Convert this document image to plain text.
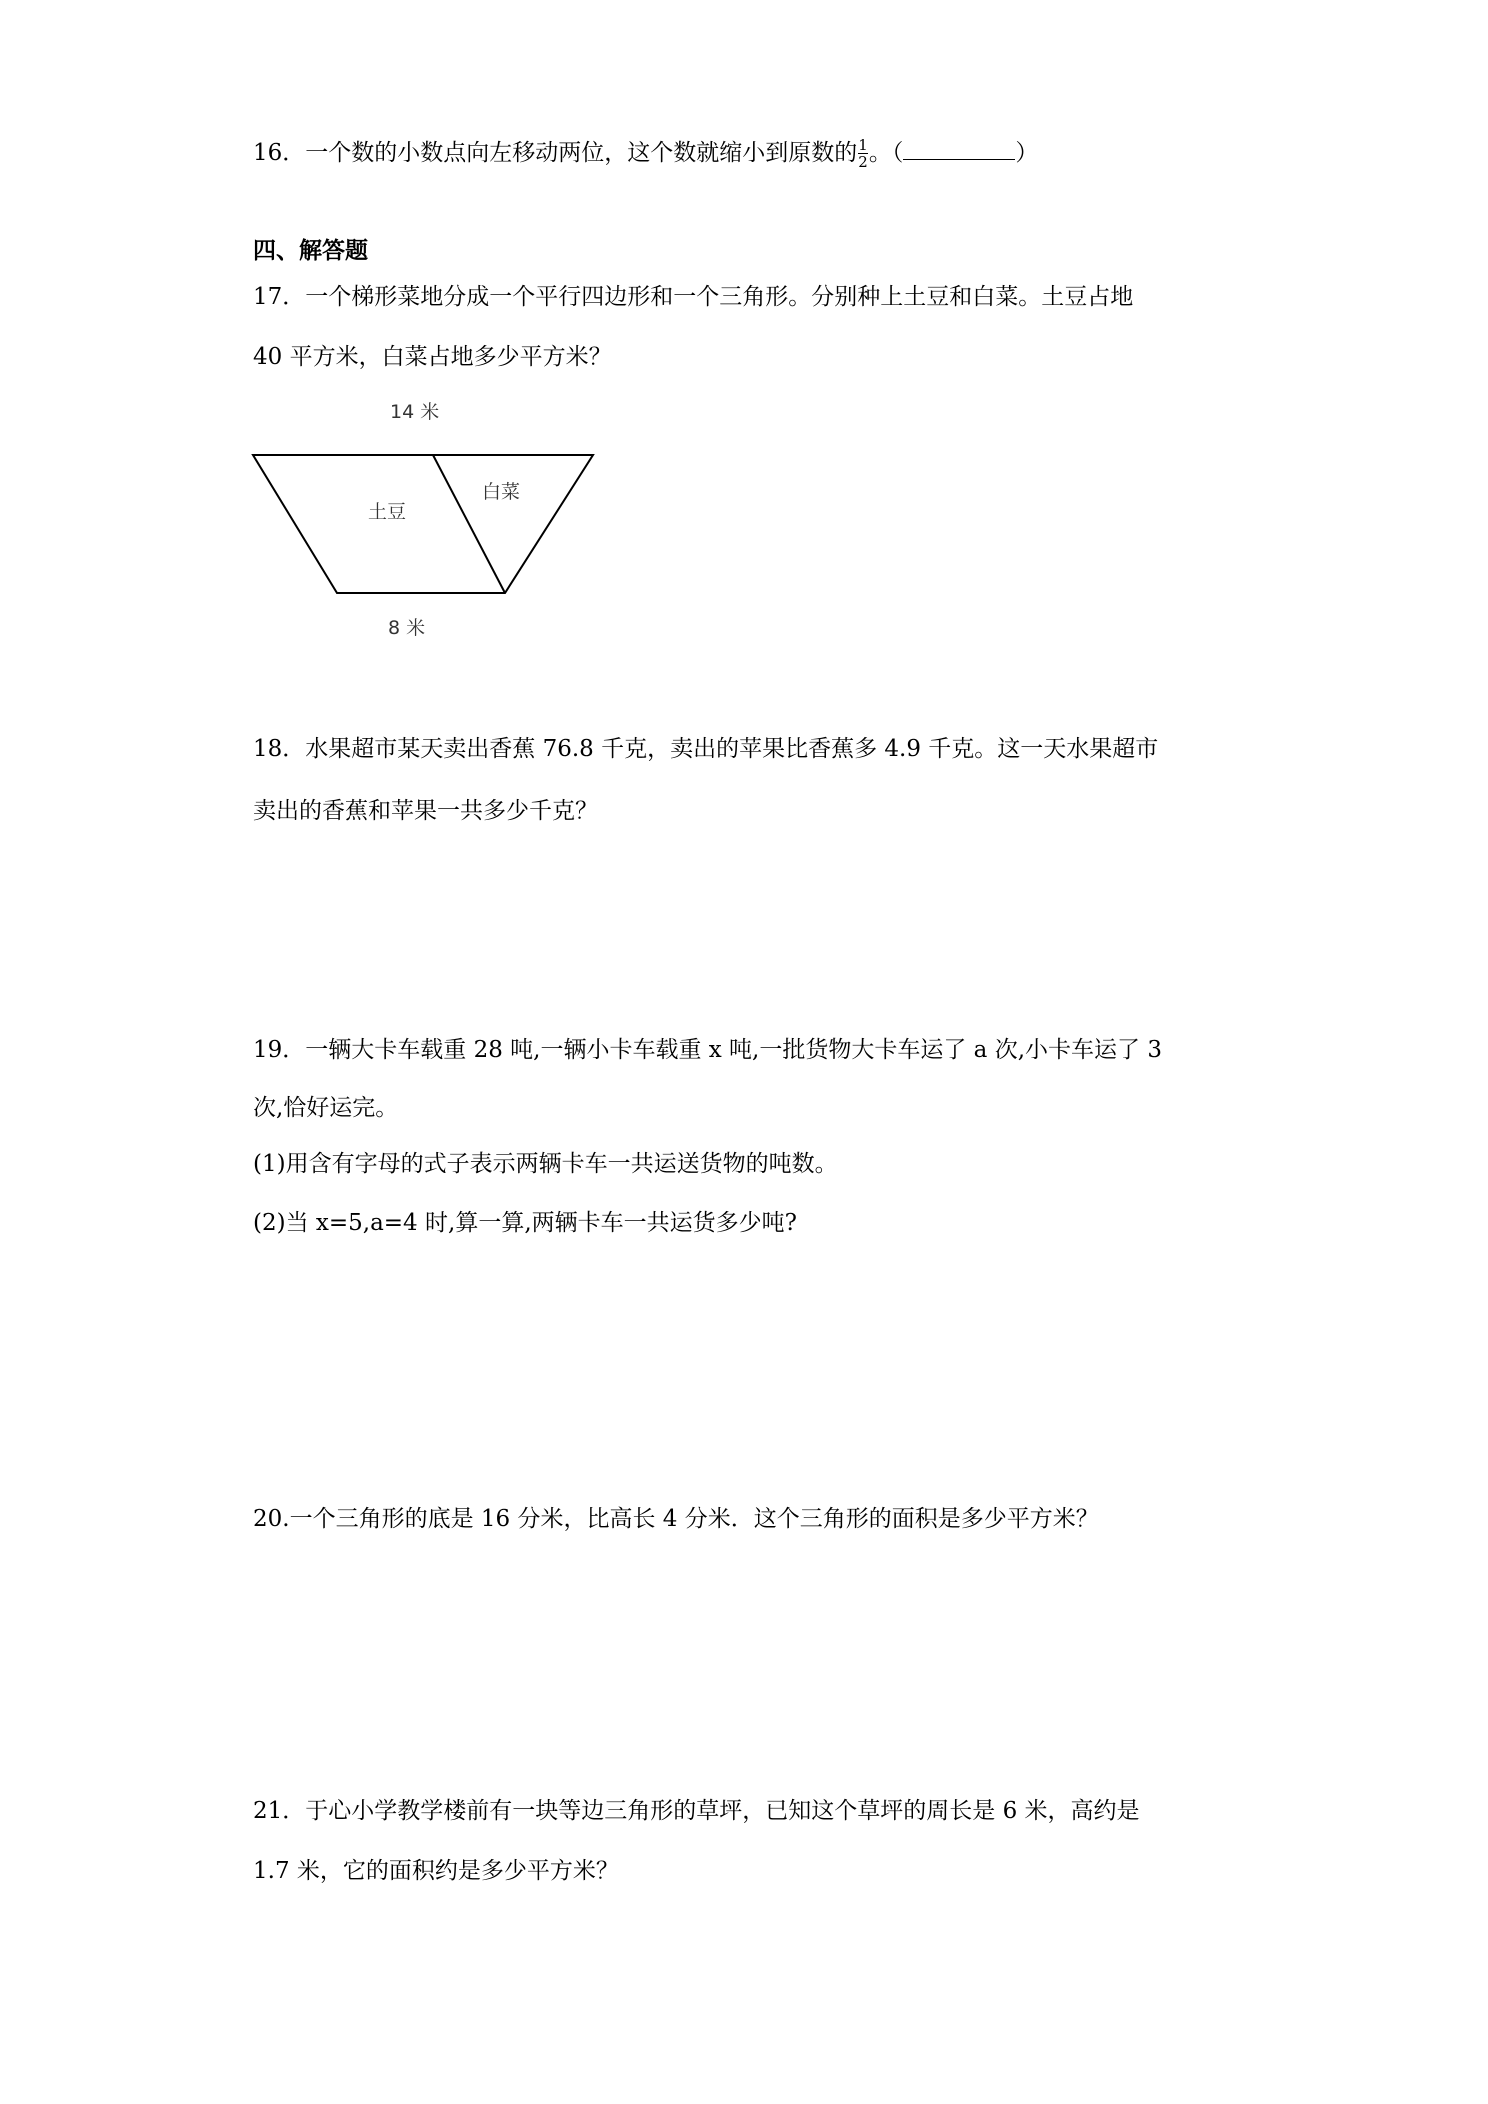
16．一个数的小数点向左移动两位，这个数就缩小到原数的 $\frac{1}{2}$ 。（	）
四、解答题
17．一个梯形菜地分成一个平行四边形和一个三角形。分别种上土豆和白菜。土豆占地
40 平方米，白菜占地多少平方米？
14 米
8 米
土豆
白菜
18．水果超市某天卖出香蕉 76.8 千克，卖出的苹果比香蕉多 4.9 千克。这一天水果超市
卖出的香蕉和苹果一共多少千克？
19．一辆大卡车载重 28 吨,一辆小卡车载重 x 吨,一批货物大卡车运了 a 次,小卡车运了 3
次,恰好运完。
(1)用含有字母的式子表示两辆卡车一共运送货物的吨数。
(2)当 x=5,a=4 时,算一算,两辆卡车一共运货多少吨?
20.一个三角形的底是 16 分米，比高长 4 分米．这个三角形的面积是多少平方米？
21．于心小学教学楼前有一块等边三角形的草坪，已知这个草坪的周长是 6 米，高约是
1.7 米，它的面积约是多少平方米？
